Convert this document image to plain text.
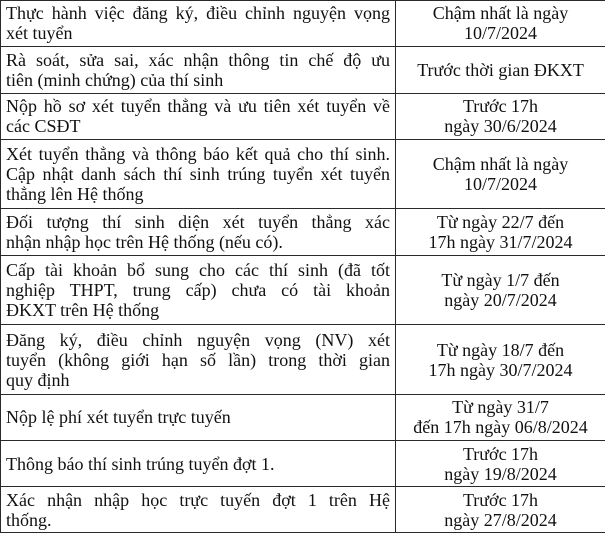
Thực hành việc đăng ký, điều chỉnh nguyện vọng
xét tuyển	Chậm nhất là ngày
10/7/2024

Rà soát, sửa sai, xác nhận thông tin chế độ ưu
tiên (minh chứng) của thí sinh	Trước thời gian ĐKXT

Nộp hồ sơ xét tuyển thẳng và ưu tiên xét tuyển về
các CSĐT	Trước 17h
ngày 30/6/2024

Xét tuyển thẳng và thông báo kết quả cho thí sinh.
Cập nhật danh sách thí sinh trúng tuyển xét tuyển
thẳng lên Hệ thống	Chậm nhất là ngày
10/7/2024

Đối tượng thí sinh diện xét tuyển thẳng xác
nhận nhập học trên Hệ thống (nếu có).	Từ ngày 22/7 đến
17h ngày 31/7/2024

Cấp tài khoản bổ sung cho các thí sinh (đã tốt
nghiệp THPT, trung cấp) chưa có tài khoản
ĐKXT trên Hệ thống	Từ ngày 1/7 đến
ngày 20/7/2024

Đăng ký, điều chỉnh nguyện vọng (NV) xét
tuyển (không giới hạn số lần) trong thời gian
quy định	Từ ngày 18/7 đến
17h ngày 30/7/2024

Nộp lệ phí xét tuyển trực tuyến	Từ ngày 31/7
đến 17h ngày 06/8/2024

Thông báo thí sinh trúng tuyển đợt 1.	Trước 17h
ngày 19/8/2024

Xác nhận nhập học trực tuyến đợt 1 trên Hệ
thống.	Trước 17h
ngày 27/8/2024
